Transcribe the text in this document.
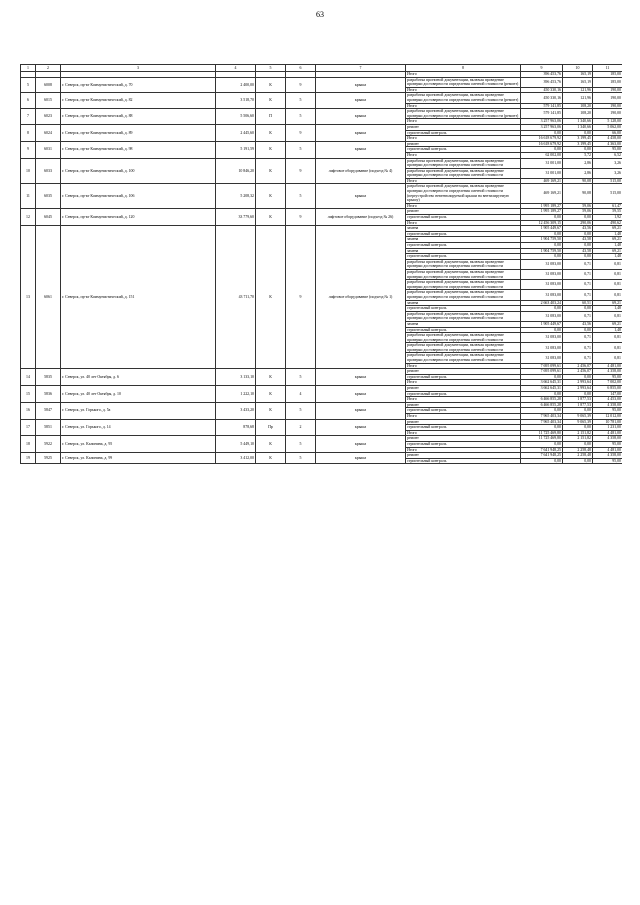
63
1	2	3	4	5	6	7	8	9	10	11
							Итого	396 453,76	165,19	185,00
5	6008	г. Северск, пр-кт Коммунистический, д. 70	2 400,00	К	9	крыша	разработка проектной документации, включая проведение проверки достоверности определения сметной стоимости (ремонт)	396 453,76	165,19	185,00
							Итого	450 330,16	121,96	190,00
6	6015	г. Северск, пр-кт Коммунистический, д. 82	3 518,70	К	5	крыша	разработка проектной документации, включая проведение проверки достоверности определения сметной стоимости (ремонт)	450 330,16	121,96	190,00
							Итого	579 141,85	108,20	190,00
7	6023	г. Северск, пр-кт Коммунистический, д. 88	5 506,60	П	5	крыша	разработка проектной документации, включая проведение проверки достоверности определения сметной стоимости (ремонт)	579 141,85	108,20	190,00
							Итого	3 257 963,06	1 340,66	5 128,00
8	6024	г. Северск, пр-кт Коммунистический, д. 89	2 445,60	К	9	крыша	ремонт	3 257 963,06	1 340,66	5 062,00
							строительный контроль	0,00	0,00	66,00
							Итого	16 618 679,92	3 199,45	4 458,00
9	6031	г. Северск, пр-кт Коммунистический, д. 98	5 191,59	К	5	крыша	ремонт	16 618 679,92	3 199,45	4 363,00
							строительный контроль	0,00	0,00	95,00
							Итого	62 002,00	5,72	6,52
10	6033	г. Северск, пр-кт Коммунистический, д. 100	10 846,20	К	9	лифтовое оборудование (подъезд № 4)	разработка проектной документации, включая проведение проверки достоверности определения сметной стоимости	31 001,00	2,86	3,26
							разработка проектной документации, включая проведение проверки достоверности определения сметной стоимости	31 001,00	2,86	3,26
							Итого	469 169,21	90,08	515,00
11	6035	г. Северск, пр-кт Коммунистический, д. 106	5 208,32	К	5	крыша	разработка проектной документации, включая проведение проверки достоверности определения сметной стоимости (переустройство невентилируемой крыши на вентилируемую крышу)	469 169,21	90,08	515,00
							Итого	1 995 189,27	59,06	61,47
12	6045	г. Северск, пр-кт Коммунистический, д. 120	33 779,60	К	9	лифтовое оборудование (подъезд № 26)	ремонт	1 995 189,27	59,06	59,55
							строительный контроль	0,00	0,00	1,92
							Итого	12 456 309,15	290,06	490,62
13	6061	г. Северск, пр-кт Коммунистический, д. 151	43 711,70	К	9	лифтовое оборудование (подъезд № 1)	замена	1 905 449,67	43,56	69,21
							строительный контроль	0,00	0,00	1,48
							замена	1 904 759,50	43,58	69,21
							строительный контроль	0,00	0,00	1,48
							замена	1 904 759,50	43,58	69,21
							строительный контроль	0,00	0,00	1,48
							разработка проектной документации, включая проведение проверки достоверности определения сметной стоимости	31 083,00	0,71	0,81
							разработка проектной документации, включая проведение проверки достоверности определения сметной стоимости	31 083,00	0,71	0,81
							разработка проектной документации, включая проведение проверки достоверности определения сметной стоимости	31 083,00	0,71	0,81
							разработка проектной документации, включая проведение проверки достоверности определения сметной стоимости	31 083,00	0,71	0,81
							замена	2 663 403,24	60,51	69,21
							строительный контроль	0,00	0,00	1,48
							разработка проектной документации, включая проведение проверки достоверности определения сметной стоимости	31 083,00	0,71	0,81
							замена	1 905 449,67	43,56	69,21
							строительный контроль	0,00	0,00	1,48
							разработка проектной документации, включая проведение проверки достоверности определения сметной стоимости	31 083,00	0,71	0,81
							разработка проектной документации, включая проведение проверки достоверности определения сметной стоимости	31 083,00	0,71	0,81
							разработка проектной документации, включая проведение проверки достоверности определения сметной стоимости	31 083,00	0,71	0,81
							Итого	7 695 099,61	2 456,07	4 481,00
14	5835	г. Северск, ул. 40 лет Октября, д. 6	3 133,10	К	5	крыша	ремонт	7 695 099,61	2 456,07	4 358,00
							строительный контроль	0,00	0,00	95,00
							Итого	3 662 645,31	2 993,64	7 002,00
15	5836	г. Северск, ул. 40 лет Октября, д. 10	1 222,10	К	4	крыша	ремонт	3 662 645,31	2 993,64	6 855,00
							строительный контроль	0,00	0,00	147,00
							Итого	6 466 855,28	1 877,53	4 453,00
16	5847	г. Северск, ул. Горького, д. 5а	3 433,20	К	5	крыша	ремонт	6 466 855,28	1 877,53	4 358,00
							строительный контроль	0,00	0,00	95,00
							Итого	7 965 403,34	9 065,39	12 012,00
17	5851	г. Северск, ул. Горького, д. 14	878,68	Пр	2	крыша	ремонт	7 965 403,34	9 065,39	10 781,00
							строительный контроль	0,00	0,00	1 231,00
							Итого	11 725 469,80	2 151,82	4 481,00
18	5922	г. Северск, ул. Калинина, д. 95	5 449,10	К	5	крыша	ремонт	11 725 469,80	2 151,82	4 358,00
							строительный контроль	0,00	0,00	95,00
							Итого	7 641 948,25	2 258,48	4 481,00
19	5925	г. Северск, ул. Калинина, д. 99	3 412,00	К	5	крыша	ремонт	7 641 948,25	2 258,48	4 358,00
							строительный контроль	0,00	0,00	95,00
